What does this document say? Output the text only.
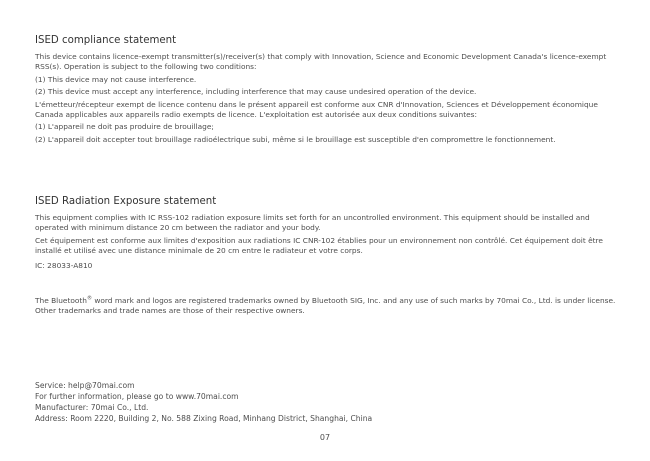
ISED compliance statement

This device contains licence-exempt transmitter(s)/receiver(s) that comply with Innovation, Science and Economic Development Canada's licence-exempt RSS(s). Operation is subject to the following two conditions:

(1) This device may not cause interference.

(2) This device must accept any interference, including interference that may cause undesired operation of the device.

L'émetteur/récepteur exempt de licence contenu dans le présent appareil est conforme aux CNR d'Innovation, Sciences et Développement économique Canada applicables aux appareils radio exempts de licence. L'exploitation est autorisée aux deux conditions suivantes:

(1) L'appareil ne doit pas produire de brouillage;

(2) L'appareil doit accepter tout brouillage radioélectrique subi, même si le brouillage est susceptible d'en compromettre le fonctionnement.

ISED Radiation Exposure statement

This equipment complies with IC RSS-102 radiation exposure limits set forth for an uncontrolled environment. This equipment should be installed and operated with minimum distance 20 cm between the radiator and your body.

Cet équipement est conforme aux limites d'exposition aux radiations IC CNR-102 établies pour un environnement non contrôlé. Cet équipement doit être installé et utilisé avec une distance minimale de 20 cm entre le radiateur et votre corps.

IC: 28033-A810

The Bluetooth® word mark and logos are registered trademarks owned by Bluetooth SIG, Inc. and any use of such marks by 70mai Co., Ltd. is under license. Other trademarks and trade names are those of their respective owners.

Service: help@70mai.com

For further information, please go to www.70mai.com

Manufacturer: 70mai Co., Ltd.

Address: Room 2220, Building 2, No. 588 Zixing Road, Minhang District, Shanghai, China

07
